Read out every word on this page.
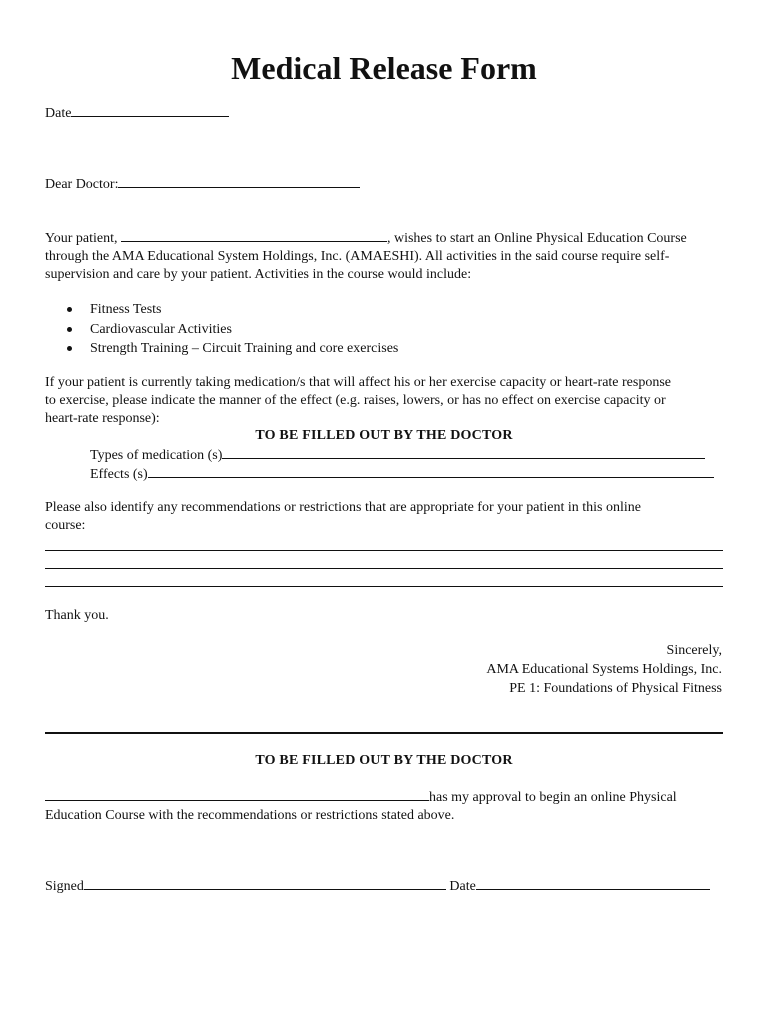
Medical Release Form
Date
Dear Doctor:
Your patient,	, wishes to start an Online Physical Education Course
through the AMA Educational System Holdings, Inc. (AMAESHI). All activities in the said course require self-
supervision and care by your patient. Activities in the course would include:
Fitness Tests
Cardiovascular Activities
Strength Training – Circuit Training and core exercises
If your patient is currently taking medication/s that will affect his or her exercise capacity or heart-rate response
to exercise, please indicate the manner of the effect (e.g. raises, lowers, or has no effect on exercise capacity or
heart-rate response):
TO BE FILLED OUT BY THE DOCTOR
Types of medication (s)
Effects (s)
Please also identify any recommendations or restrictions that are appropriate for your patient in this online
course:
Thank you.
Sincerely,
AMA Educational Systems Holdings, Inc.
PE 1: Foundations of Physical Fitness
TO BE FILLED OUT BY THE DOCTOR
has my approval to begin an online Physical
Education Course with the recommendations or restrictions stated above.
Signed	Date
